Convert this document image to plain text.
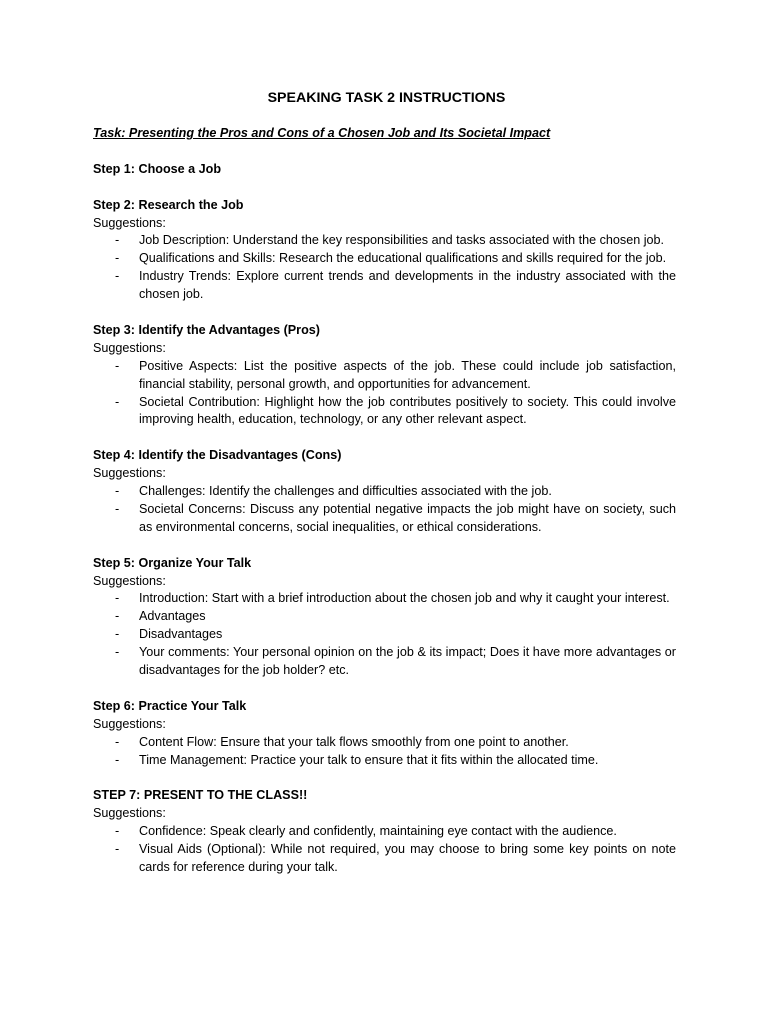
SPEAKING TASK 2 INSTRUCTIONS
Task: Presenting the Pros and Cons of a Chosen Job and Its Societal Impact
Step 1: Choose a Job
Step 2: Research the Job
Suggestions:
- Job Description: Understand the key responsibilities and tasks associated with the chosen job.
- Qualifications and Skills: Research the educational qualifications and skills required for the job.
- Industry Trends: Explore current trends and developments in the industry associated with the chosen job.
Step 3: Identify the Advantages (Pros)
Suggestions:
- Positive Aspects: List the positive aspects of the job. These could include job satisfaction, financial stability, personal growth, and opportunities for advancement.
- Societal Contribution: Highlight how the job contributes positively to society. This could involve improving health, education, technology, or any other relevant aspect.
Step 4: Identify the Disadvantages (Cons)
Suggestions:
- Challenges: Identify the challenges and difficulties associated with the job.
- Societal Concerns: Discuss any potential negative impacts the job might have on society, such as environmental concerns, social inequalities, or ethical considerations.
Step 5: Organize Your Talk
Suggestions:
- Introduction: Start with a brief introduction about the chosen job and why it caught your interest.
- Advantages
- Disadvantages
- Your comments: Your personal opinion on the job & its impact; Does it have more advantages or disadvantages for the job holder? etc.
Step 6: Practice Your Talk
Suggestions:
- Content Flow: Ensure that your talk flows smoothly from one point to another.
- Time Management: Practice your talk to ensure that it fits within the allocated time.
STEP 7: PRESENT TO THE CLASS!!
Suggestions:
- Confidence: Speak clearly and confidently, maintaining eye contact with the audience.
- Visual Aids (Optional): While not required, you may choose to bring some key points on note cards for reference during your talk.
